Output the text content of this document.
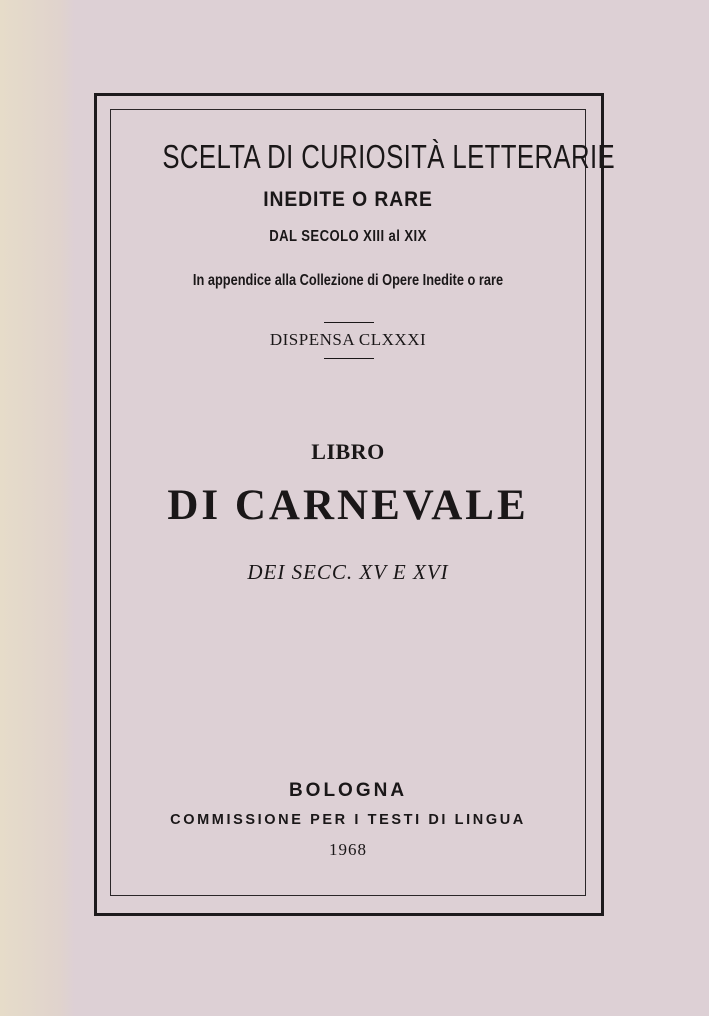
SCELTA DI CURIOSITÀ LETTERARIE
INEDITE O RARE
DAL SECOLO XIII al XIX
In appendice alla Collezione di Opere Inedite o rare
DISPENSA CLXXXI
LIBRO
DI CARNEVALE
DEI SECC. XV E XVI
BOLOGNA
COMMISSIONE PER I TESTI DI LINGUA
1968
